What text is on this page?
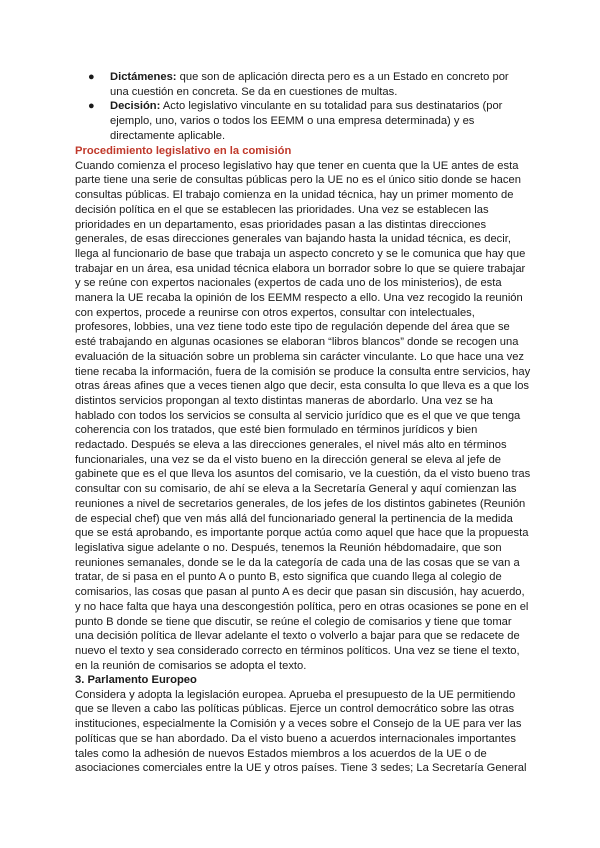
●	Dictámenes: que son de aplicación directa pero es a un Estado en concreto por una cuestión en concreta. Se da en cuestiones de multas.
●	Decisión: Acto legislativo vinculante en su totalidad para sus destinatarios (por ejemplo, uno, varios o todos los EEMM o una empresa determinada) y es directamente aplicable.

Procedimiento legislativo en la comisión

Cuando comienza el proceso legislativo hay que tener en cuenta que la UE antes de esta parte tiene una serie de consultas públicas pero la UE no es el único sitio donde se hacen consultas públicas. El trabajo comienza en la unidad técnica, hay un primer momento de decisión política en el que se establecen las prioridades. Una vez se establecen las prioridades en un departamento, esas prioridades pasan a las distintas direcciones generales, de esas direcciones generales van bajando hasta la unidad técnica, es decir, llega al funcionario de base que trabaja un aspecto concreto y se le comunica que hay que trabajar en un área, esa unidad técnica elabora un borrador sobre lo que se quiere trabajar y se reúne con expertos nacionales (expertos de cada uno de los ministerios), de esta manera la UE recaba la opinión de los EEMM respecto a ello. Una vez recogido la reunión con expertos, procede a reunirse con otros expertos, consultar con intelectuales, profesores, lobbies, una vez tiene todo este tipo de regulación depende del área que se esté trabajando en algunas ocasiones se elaboran “libros blancos” donde se recogen una evaluación de la situación sobre un problema sin carácter vinculante. Lo que hace una vez tiene recaba la información, fuera de la comisión se produce la consulta entre servicios, hay otras áreas afines que a veces tienen algo que decir, esta consulta lo que lleva es a que los distintos servicios propongan al texto distintas maneras de abordarlo. Una vez se ha hablado con todos los servicios se consulta al servicio jurídico que es el que ve que tenga coherencia con los tratados, que esté bien formulado en términos jurídicos y bien redactado. Después se eleva a las direcciones generales, el nivel más alto en términos funcionariales, una vez se da el visto bueno en la dirección general se eleva al jefe de gabinete que es el que lleva los asuntos del comisario, ve la cuestión, da el visto bueno tras consultar con su comisario, de ahí se eleva a la Secretaría General y aquí comienzan las reuniones a nivel de secretarios generales, de los jefes de los distintos gabinetes (Reunión de especial chef) que ven más allá del funcionariado general la pertinencia de la medida que se está aprobando, es importante porque actúa como aquel que hace que la propuesta legislativa sigue adelante o no. Después, tenemos la Reunión hébdomadaire, que son reuniones semanales, donde se le da la categoría de cada una de las cosas que se van a tratar, de si pasa en el punto A o punto B, esto significa que cuando llega al colegio de comisarios, las cosas que pasan al punto A es decir que pasan sin discusión, hay acuerdo, y no hace falta que haya una descongestión política, pero en otras ocasiones se pone en el punto B donde se tiene que discutir, se reúne el colegio de comisarios y tiene que tomar una decisión política de llevar adelante el texto o volverlo a bajar para que se redacete de nuevo el texto y sea considerado correcto en términos políticos. Una vez se tiene el texto, en la reunión de comisarios se adopta el texto.

3. Parlamento Europeo

Considera y adopta la legislación europea. Aprueba el presupuesto de la UE permitiendo que se lleven a cabo las políticas públicas. Ejerce un control democrático sobre las otras instituciones, especialmente la Comisión y a veces sobre el Consejo de la UE para ver las políticas que se han abordado. Da el visto bueno a acuerdos internacionales importantes tales como la adhesión de nuevos Estados miembros a los acuerdos de la UE o de asociaciones comerciales entre la UE y otros países. Tiene 3 sedes; La Secretaría General
